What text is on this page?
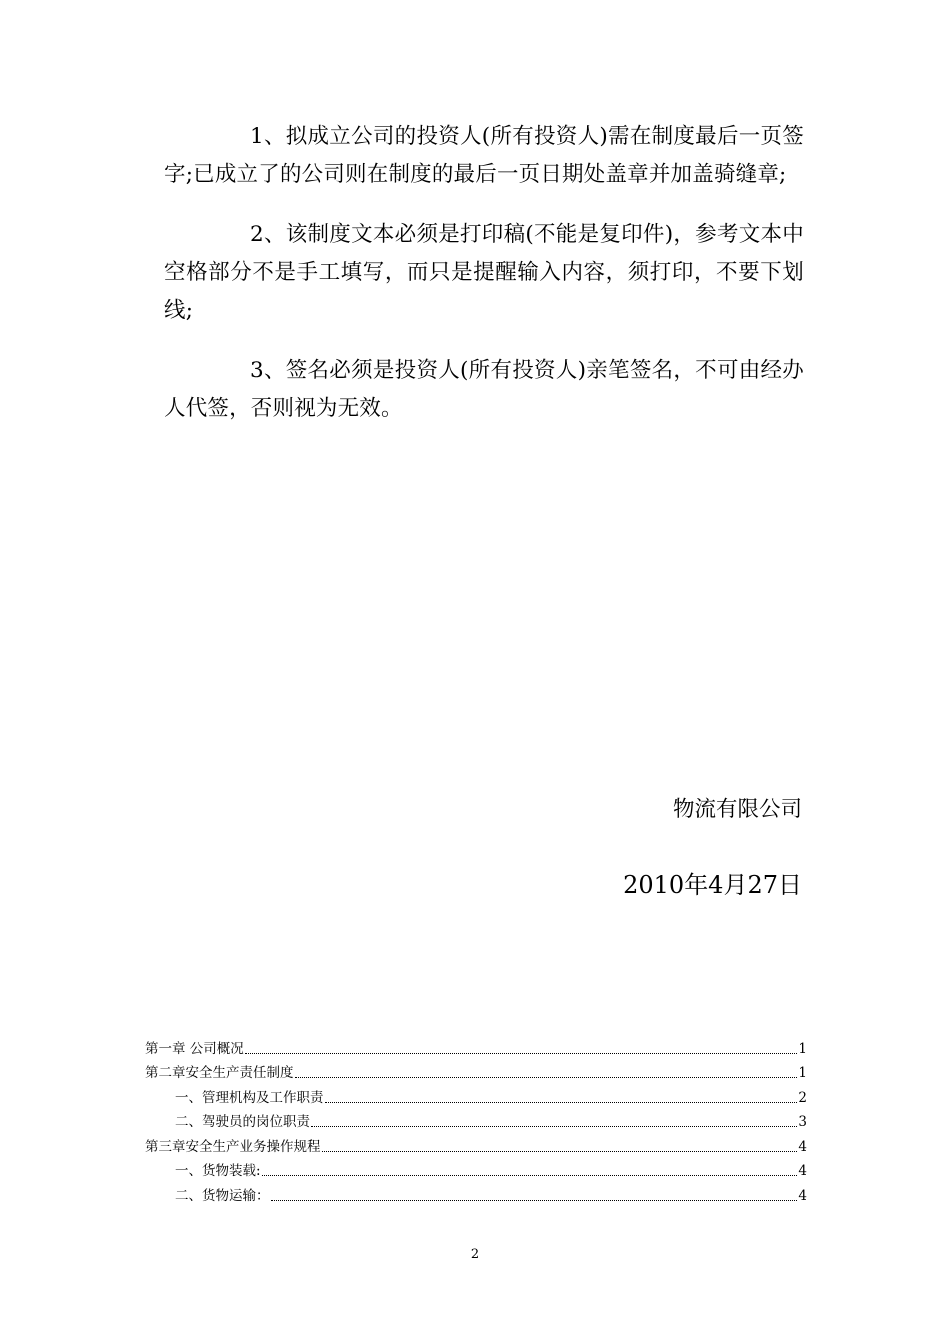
1、拟成立公司的投资人(所有投资人)需在制度最后一页签字;已成立了的公司则在制度的最后一页日期处盖章并加盖骑缝章;

2、该制度文本必须是打印稿(不能是复印件)，参考文本中空格部分不是手工填写，而只是提醒输入内容，须打印，不要下划线;

3、签名必须是投资人(所有投资人)亲笔签名，不可由经办人代签，否则视为无效。

物流有限公司
2010年4月27日
第一章 公司概况	1
第二章安全生产责任制度	1
一、管理机构及工作职责	2
二、驾驶员的岗位职责	3
第三章安全生产业务操作规程	4
一、货物装载:	4
二、货物运输：	4
2
